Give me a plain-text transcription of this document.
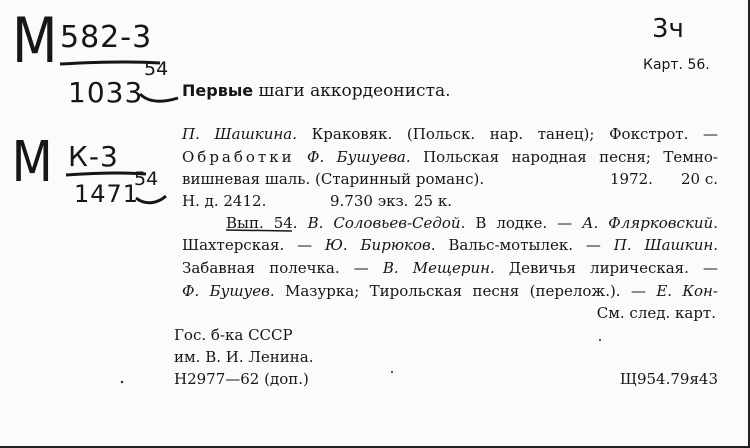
М 582-3
1033
54
М К-3
1471
54
3ч
Карт. 56.
Первые шаги аккордеониста.
П. Шашкина. Краковяк. (Польск. нар. танец); Фокстрот. —
Обработки Ф. Бушуева. Польская народная песня; Темно-
вишневая шаль. (Старинный романс).	1972. 20 с.
Н. д. 2412.	9.730 экз. 25 к.
Вып. 54. В. Соловьев-Седой. В лодке. — А. Флярковский.
Шахтерская. — Ю. Бирюков. Вальс-мотылек. — П. Шашкин.
Забавная полечка. — В. Мещерин. Девичья лирическая. —
Ф. Бушуев. Мазурка; Тирольская песня (перелож.). — Е. Кон-
См. след. карт.
Гос. б-ка СССР
им. В. И. Ленина.
Н2977—62 (доп.)	Щ954.79я43
